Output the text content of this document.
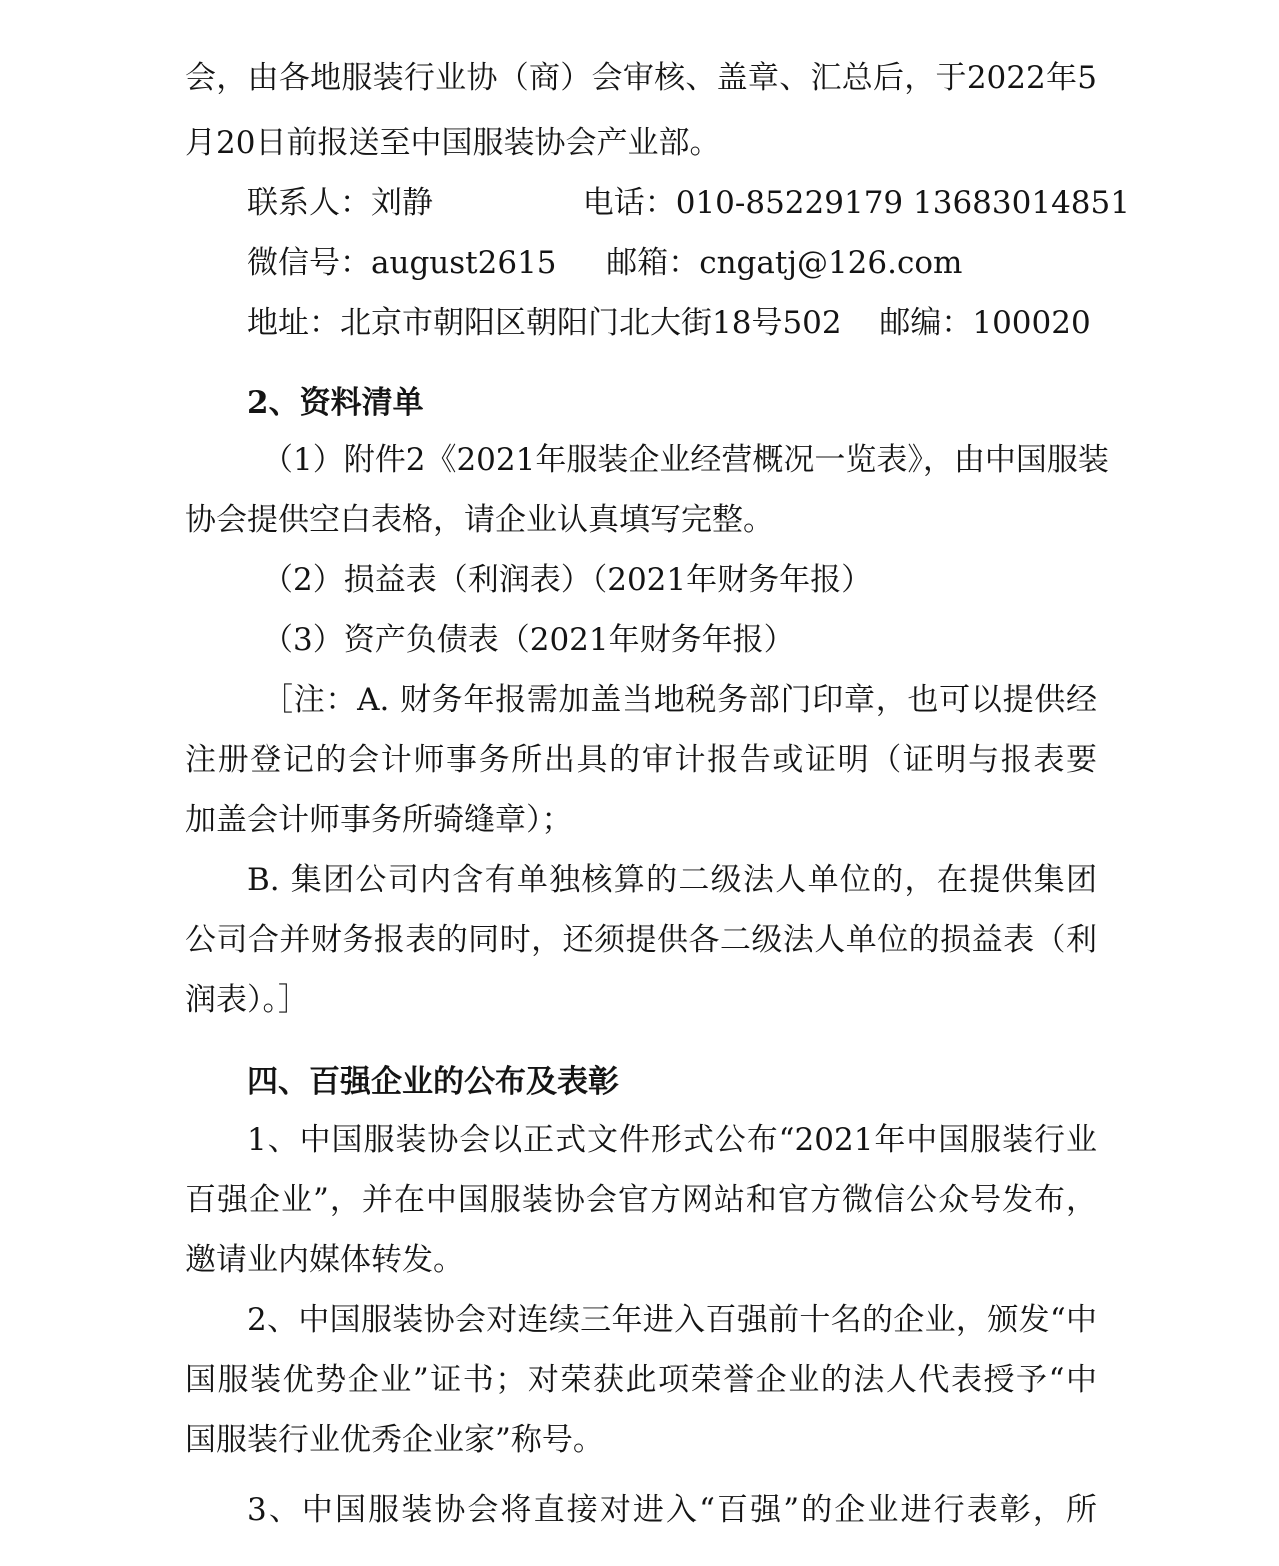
会，由各地服装行业协（商）会审核、盖章、汇总后，于2022年5
月20日前报送至中国服装协会产业部。
联系人：刘静	电话：010-85229179 13683014851
微信号：august2615 邮箱：cngatj@126.com
地址：北京市朝阳区朝阳门北大街18号502 邮编：100020
2、资料清单
（1）附件2《2021年服装企业经营概况一览表》，由中国服装
协会提供空白表格，请企业认真填写完整。
（2）损益表（利润表）（2021年财务年报）
（3）资产负债表（2021年财务年报）
［注：A. 财务年报需加盖当地税务部门印章，也可以提供经
注册登记的会计师事务所出具的审计报告或证明（证明与报表要
加盖会计师事务所骑缝章）；
B. 集团公司内含有单独核算的二级法人单位的，在提供集团
公司合并财务报表的同时，还须提供各二级法人单位的损益表（利
润表）。］
四、百强企业的公布及表彰
1、中国服装协会以正式文件形式公布“2021年中国服装行业
百强企业”，并在中国服装协会官方网站和官方微信公众号发布，
邀请业内媒体转发。
2、中国服装协会对连续三年进入百强前十名的企业，颁发“中
国服装优势企业”证书；对荣获此项荣誉企业的法人代表授予“中
国服装行业优秀企业家”称号。
3、中国服装协会将直接对进入“百强”的企业进行表彰，所
